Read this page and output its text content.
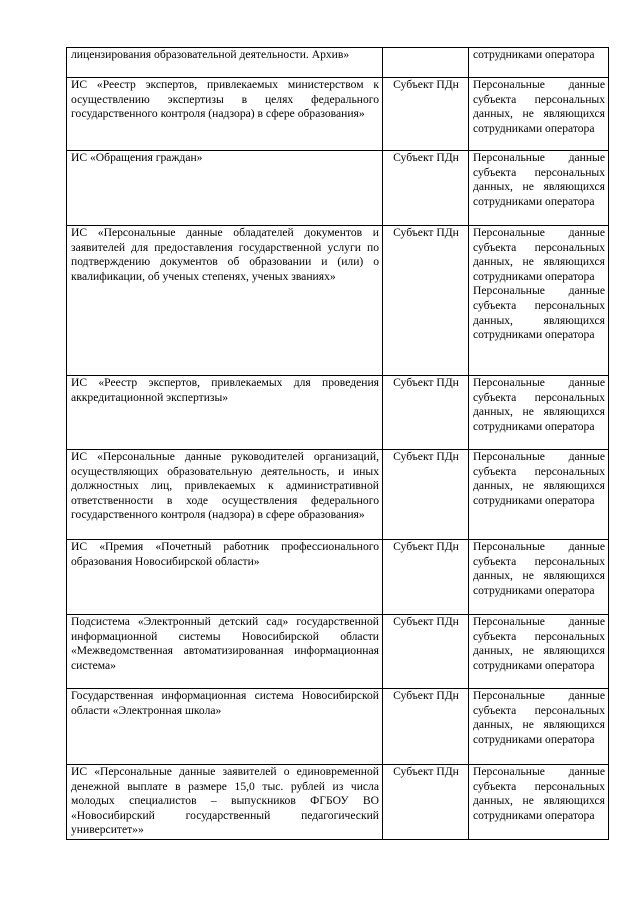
лицензирования образовательной деятельности. Архив»		сотрудниками оператора

ИС «Реестр экспертов, привлекаемых министерством к осуществлению экспертизы в целях федерального государственного контроля (надзора) в сфере образования»	Субъект ПДн	Персональные данные субъекта персональных данных, не являющихся сотрудниками оператора

ИС «Обращения граждан»	Субъект ПДн	Персональные данные субъекта персональных данных, не являющихся сотрудниками оператора

ИС «Персональные данные обладателей документов и заявителей для предоставления государственной услуги по подтверждению документов об образовании и (или) о квалификации, об ученых степенях, ученых званиях»	Субъект ПДн	Персональные данные субъекта персональных данных, не являющихся сотрудниками оператора
Персональные данные субъекта персональных данных, являющихся сотрудниками оператора

ИС «Реестр экспертов, привлекаемых для проведения аккредитационной экспертизы»	Субъект ПДн	Персональные данные субъекта персональных данных, не являющихся сотрудниками оператора

ИС «Персональные данные руководителей организаций, осуществляющих образовательную деятельность, и иных должностных лиц, привлекаемых к административной ответственности в ходе осуществления федерального государственного контроля (надзора) в сфере образования»	Субъект ПДн	Персональные данные субъекта персональных данных, не являющихся сотрудниками оператора

ИС «Премия «Почетный работник профессионального образования Новосибирской области»	Субъект ПДн	Персональные данные субъекта персональных данных, не являющихся сотрудниками оператора

Подсистема «Электронный детский сад» государственной информационной системы Новосибирской области «Межведомственная автоматизированная информационная система»	Субъект ПДн	Персональные данные субъекта персональных данных, не являющихся сотрудниками оператора

Государственная информационная система Новосибирской области «Электронная школа»	Субъект ПДн	Персональные данные субъекта персональных данных, не являющихся сотрудниками оператора

ИС «Персональные данные заявителей о единовременной денежной выплате в размере 15,0 тыс. рублей из числа молодых специалистов – выпускников ФГБОУ ВО «Новосибирский государственный педагогический университет»»	Субъект ПДн	Персональные данные субъекта персональных данных, не являющихся сотрудниками оператора
